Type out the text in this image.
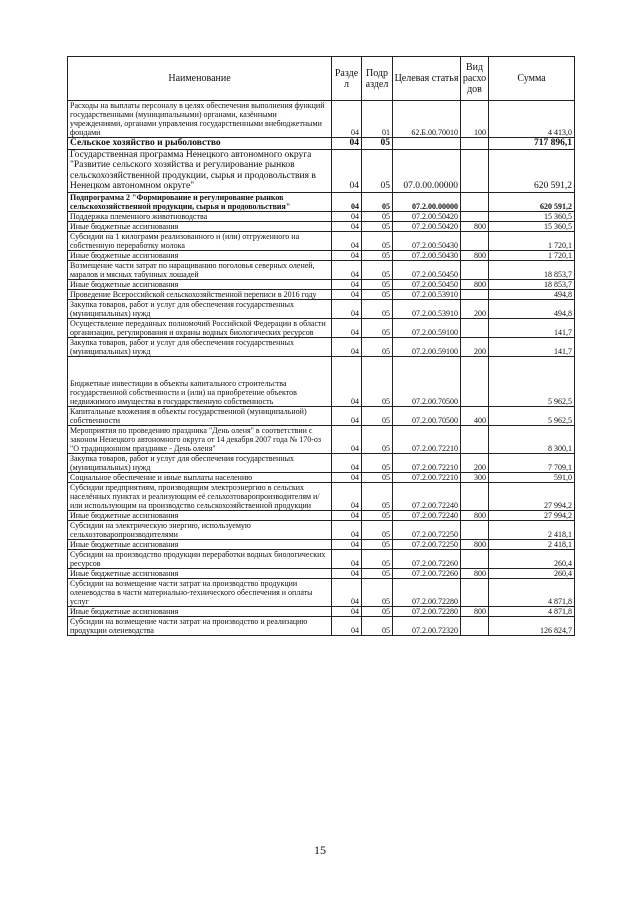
Наименование	Разде л	Подр аздел	Целевая статья	Вид расхо дов	Сумма
Расходы на выплаты персоналу в целях обеспечения выполнения функций государственными (муниципальными) органами, казёнными учреждениями, органами управления государственными внебюджетными фондами	04	01	62.Б.00.70010	100	4 413,0
Сельское хозяйство и рыболовство	04	05			717 896,1
Государственная программа Ненецкого автономного округа "Развитие сельского хозяйства и регулирование рынков сельскохозяйственной продукции, сырья и продовольствия в Ненецком автономном округе"	04	05	07.0.00.00000		620 591,2
Подпрограмма 2 "Формирование и регулирование рынков сельскохозяйственной продукции, сырья и продовольствия"	04	05	07.2.00.00000		620 591,2
Поддержка племенного животноводства	04	05	07.2.00.50420		15 360,5
Иные бюджетные ассигнования	04	05	07.2.00.50420	800	15 360,5
Субсидии на 1 килограмм реализованного и (или) отгруженного на собственную переработку молока	04	05	07.2.00.50430		1 720,1
Иные бюджетные ассигнования	04	05	07.2.00.50430	800	1 720,1
Возмещение части затрат по наращиванию поголовья северных оленей, маралов и мясных табунных лошадей	04	05	07.2.00.50450		18 853,7
Иные бюджетные ассигнования	04	05	07.2.00.50450	800	18 853,7
Проведение Всероссийской сельскохозяйственной переписи в 2016 году	04	05	07.2.00.53910		494,8
Закупка товаров, работ и услуг для обеспечения государственных (муниципальных) нужд	04	05	07.2.00.53910	200	494,8
Осуществление переданных полномочий Российской Федерации в области организации, регулирования и охраны водных биологических ресурсов	04	05	07.2.00.59100		141,7
Закупка товаров, работ и услуг для обеспечения государственных (муниципальных) нужд	04	05	07.2.00.59100	200	141,7
Бюджетные инвестиции в объекты капитального строительства государственной собственности и (или) на приобретение объектов недвижимого имущества в государственную собственность	04	05	07.2.00.70500		5 962,5
Капитальные вложения в объекты государственной (муниципальной) собственности	04	05	07.2.00.70500	400	5 962,5
Мероприятия по проведению праздника "День оленя" в соответствии с законом Ненецкого автономного округа от 14 декабря 2007 года № 170-оз "О традиционном празднике - День оленя"	04	05	07.2.00.72210		8 300,1
Закупка товаров, работ и услуг для обеспечения государственных (муниципальных) нужд	04	05	07.2.00.72210	200	7 709,1
Социальное обеспечение и иные выплаты населению	04	05	07.2.00.72210	300	591,0
Субсидии предприятиям, производящим электроэнергию в сельских населённых пунктах и реализующим её сельхозтоваропроизводителям и/или использующим на производство сельскохозяйственной продукции	04	05	07.2.00.72240		27 994,2
Иные бюджетные ассигнования	04	05	07.2.00.72240	800	27 994,2
Субсидии на электрическую энергию, используемую сельхозтоваропроизводителями	04	05	07.2.00.72250		2 418,1
Иные бюджетные ассигнования	04	05	07.2.00.72250	800	2 418,1
Субсидии на производство продукции переработки водных биологических ресурсов	04	05	07.2.00.72260		260,4
Иные бюджетные ассигнования	04	05	07.2.00.72260	800	260,4
Субсидии на возмещение части затрат на производство продукции оленеводства в части материально-технического обеспечения и оплаты услуг	04	05	07.2.00.72280		4 871,8
Иные бюджетные ассигнования	04	05	07.2.00.72280	800	4 871,8
Субсидии на возмещение части затрат на производство и реализацию продукции оленеводства	04	05	07.2.00.72320		126 824,7
15
